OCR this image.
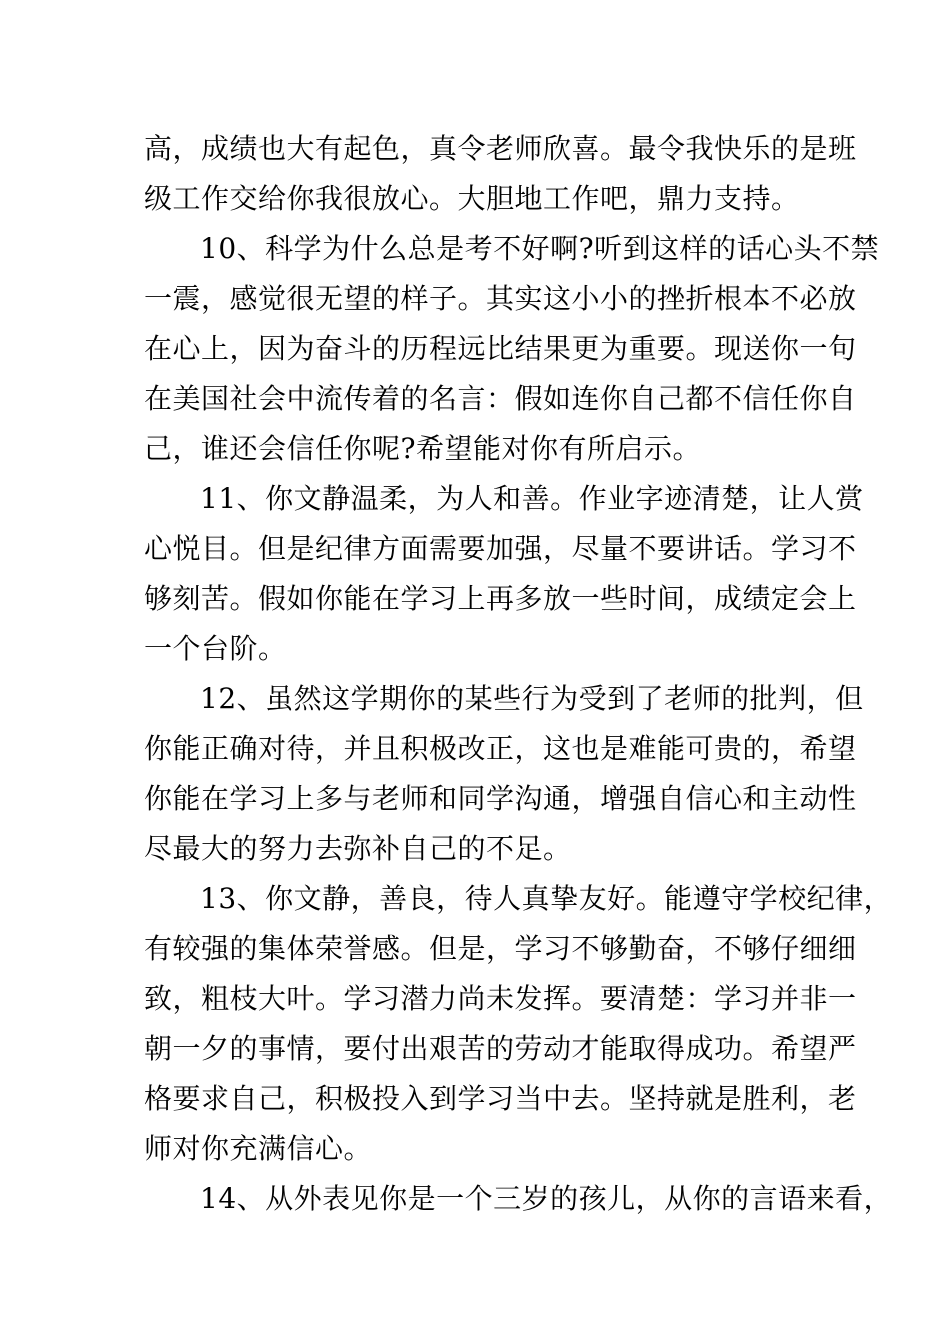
高，成绩也大有起色，真令老师欣喜。最令我快乐的是班
级工作交给你我很放心。大胆地工作吧，鼎力支持。
10、科学为什么总是考不好啊?听到这样的话心头不禁
一震，感觉很无望的样子。其实这小小的挫折根本不必放
在心上，因为奋斗的历程远比结果更为重要。现送你一句
在美国社会中流传着的名言：假如连你自己都不信任你自
己，谁还会信任你呢?希望能对你有所启示。
11、你文静温柔，为人和善。作业字迹清楚，让人赏
心悦目。但是纪律方面需要加强，尽量不要讲话。学习不
够刻苦。假如你能在学习上再多放一些时间，成绩定会上
一个台阶。
12、虽然这学期你的某些行为受到了老师的批判，但
你能正确对待，并且积极改正，这也是难能可贵的，希望
你能在学习上多与老师和同学沟通，增强自信心和主动性
尽最大的努力去弥补自己的不足。
13、你文静，善良，待人真挚友好。能遵守学校纪律，
有较强的集体荣誉感。但是，学习不够勤奋，不够仔细细
致，粗枝大叶。学习潜力尚未发挥。要清楚：学习并非一
朝一夕的事情，要付出艰苦的劳动才能取得成功。希望严
格要求自己，积极投入到学习当中去。坚持就是胜利，老
师对你充满信心。
14、从外表见你是一个三岁的孩儿，从你的言语来看，
